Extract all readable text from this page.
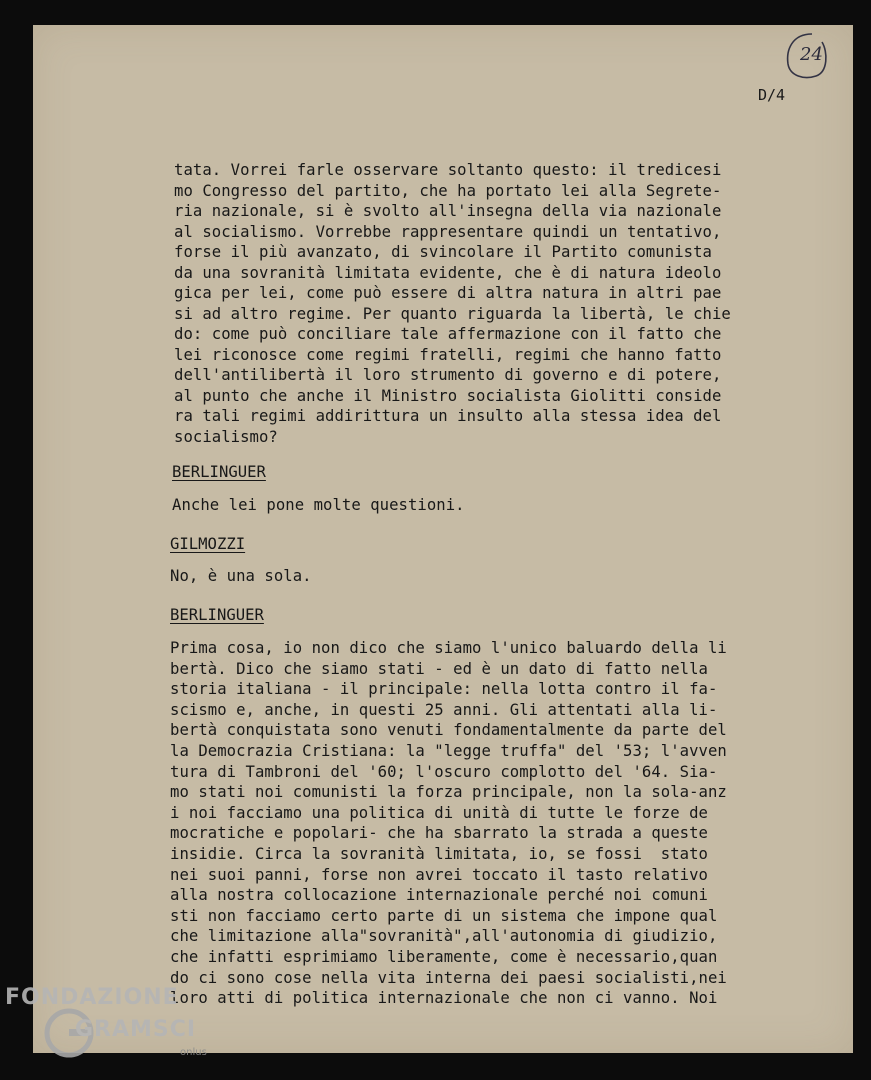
24
D/4
tata. Vorrei farle osservare soltanto questo: il tredicesi
mo Congresso del partito, che ha portato lei alla Segrete-
ria nazionale, si è svolto all'insegna della via nazionale
al socialismo. Vorrebbe rappresentare quindi un tentativo,
forse il più avanzato, di svincolare il Partito comunista
da una sovranità limitata evidente, che è di natura ideolo
gica per lei, come può essere di altra natura in altri pae
si ad altro regime. Per quanto riguarda la libertà, le chie
do: come può conciliare tale affermazione con il fatto che
lei riconosce come regimi fratelli, regimi che hanno fatto
dell'antilibertà il loro strumento di governo e di potere,
al punto che anche il Ministro socialista Giolitti conside
ra tali regimi addirittura un insulto alla stessa idea del
socialismo?
BERLINGUER
Anche lei pone molte questioni.
GILMOZZI
No, è una sola.
BERLINGUER
Prima cosa, io non dico che siamo l'unico baluardo della li
bertà. Dico che siamo stati - ed è un dato di fatto nella
storia italiana - il principale: nella lotta contro il fa-
scismo e, anche, in questi 25 anni. Gli attentati alla li-
bertà conquistata sono venuti fondamentalmente da parte del
la Democrazia Cristiana: la "legge truffa" del '53; l'avven
tura di Tambroni del '60; l'oscuro complotto del '64. Sia-
mo stati noi comunisti la forza principale, non la sola-anz
i noi facciamo una politica di unità di tutte le forze de
mocratiche e popolari- che ha sbarrato la strada a queste
insidie. Circa la sovranità limitata, io, se fossi  stato
nei suoi panni, forse non avrei toccato il tasto relativo
alla nostra collocazione internazionale perché noi comuni
sti non facciamo certo parte di un sistema che impone qual
che limitazione alla"sovranità",all'autonomia di giudizio,
che infatti esprimiamo liberamente, come è necessario,quan
do ci sono cose nella vita interna dei paesi socialisti,nei
loro atti di politica internazionale che non ci vanno. Noi
FONDAZIONE
GRAMSCI
onlus
